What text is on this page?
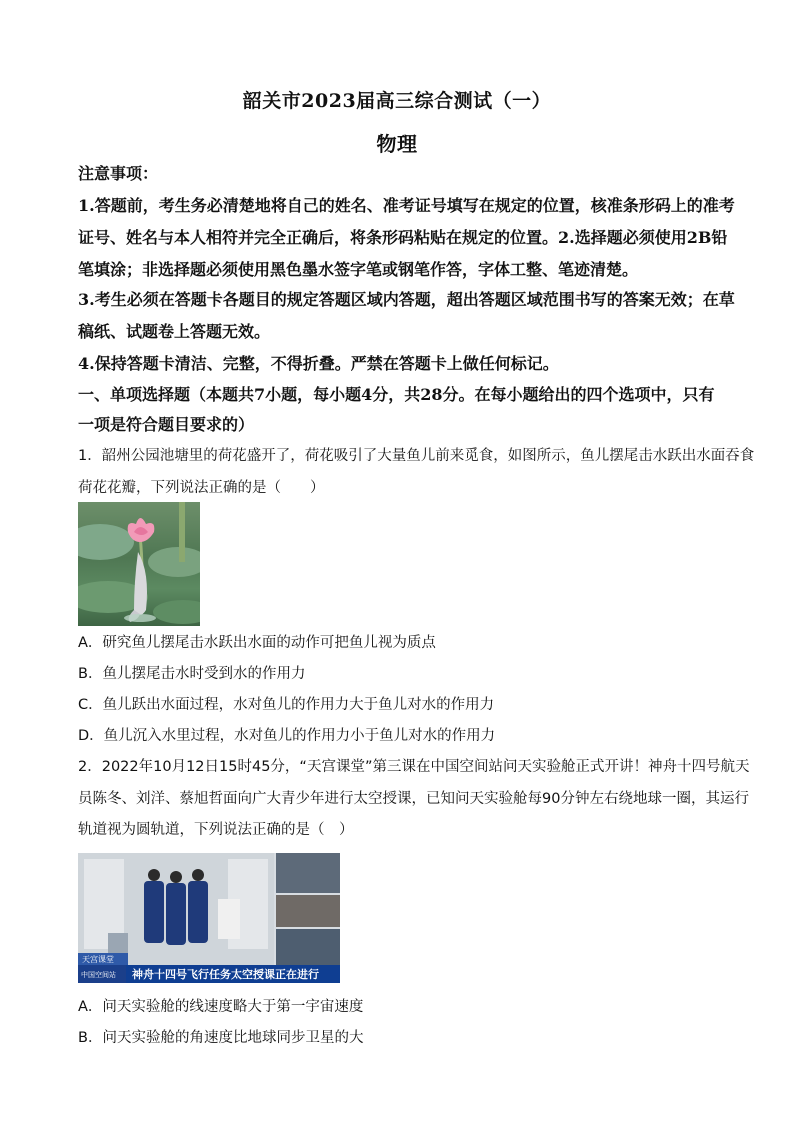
韶关市2023届高三综合测试（一）
物理
注意事项：
1.答题前，考生务必清楚地将自己的姓名、准考证号填写在规定的位置，核准条形码上的准考
证号、姓名与本人相符并完全正确后，将条形码粘贴在规定的位置。2.选择题必须使用2B铅
笔填涂；非选择题必须使用黑色墨水签字笔或钢笔作答，字体工整、笔迹清楚。
3.考生必须在答题卡各题目的规定答题区域内答题，超出答题区域范围书写的答案无效；在草
稿纸、试题卷上答题无效。
4.保持答题卡清洁、完整，不得折叠。严禁在答题卡上做任何标记。
一、单项选择题（本题共7小题，每小题4分，共28分。在每小题给出的四个选项中，只有
一项是符合题目要求的）
1．韶州公园池塘里的荷花盛开了，荷花吸引了大量鱼儿前来觅食，如图所示，鱼儿摆尾击水跃出水面吞食
荷花花瓣，下列说法正确的是（　　）
A．研究鱼儿摆尾击水跃出水面的动作可把鱼儿视为质点
B．鱼儿摆尾击水时受到水的作用力
C．鱼儿跃出水面过程，水对鱼儿的作用力大于鱼儿对水的作用力
D．鱼儿沉入水里过程，水对鱼儿的作用力小于鱼儿对水的作用力
2．2022年10月12日15时45分，“天宫课堂”第三课在中国空间站问天实验舱正式开讲！神舟十四号航天
员陈冬、刘洋、蔡旭哲面向广大青少年进行太空授课，已知问天实验舱每90分钟左右绕地球一圈，其运行
轨道视为圆轨道，下列说法正确的是（　）
天宫课堂
中国空间站 神舟十四号飞行任务太空授课正在进行
A．问天实验舱的线速度略大于第一宇宙速度
B．问天实验舱的角速度比地球同步卫星的大
